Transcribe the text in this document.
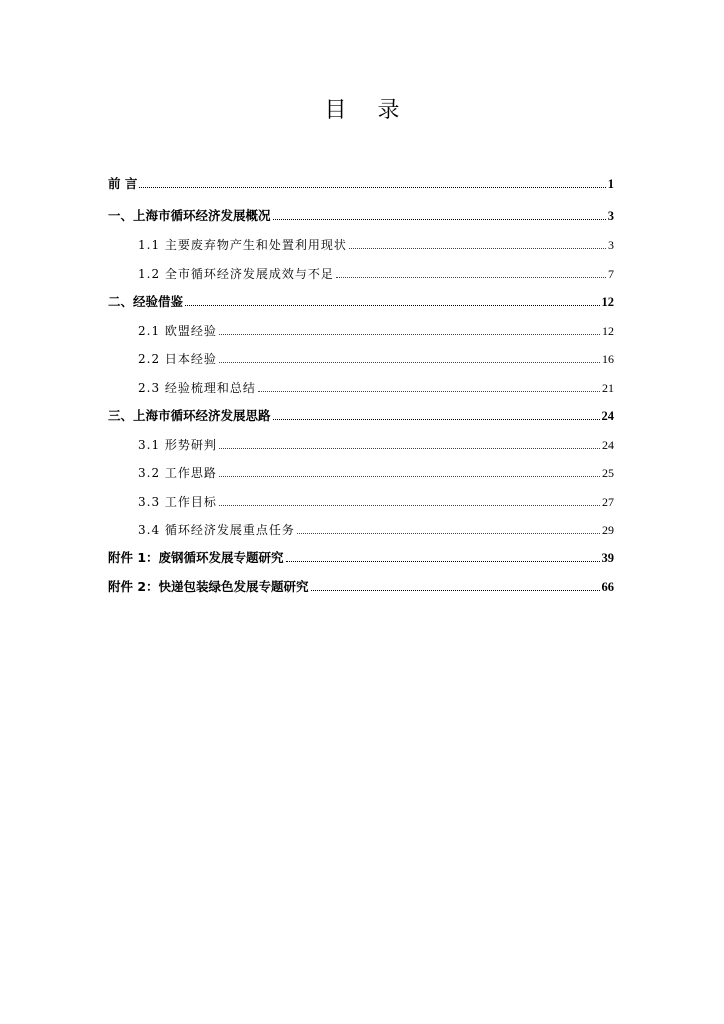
目 录
前 言	1
一、上海市循环经济发展概况	3
1.1 主要废弃物产生和处置利用现状	3
1.2 全市循环经济发展成效与不足	7
二、经验借鉴	12
2.1 欧盟经验	12
2.2 日本经验	16
2.3 经验梳理和总结	21
三、上海市循环经济发展思路	24
3.1 形势研判	24
3.2 工作思路	25
3.3 工作目标	27
3.4 循环经济发展重点任务	29
附件 1：废钢循环发展专题研究	39
附件 2：快递包装绿色发展专题研究	66
